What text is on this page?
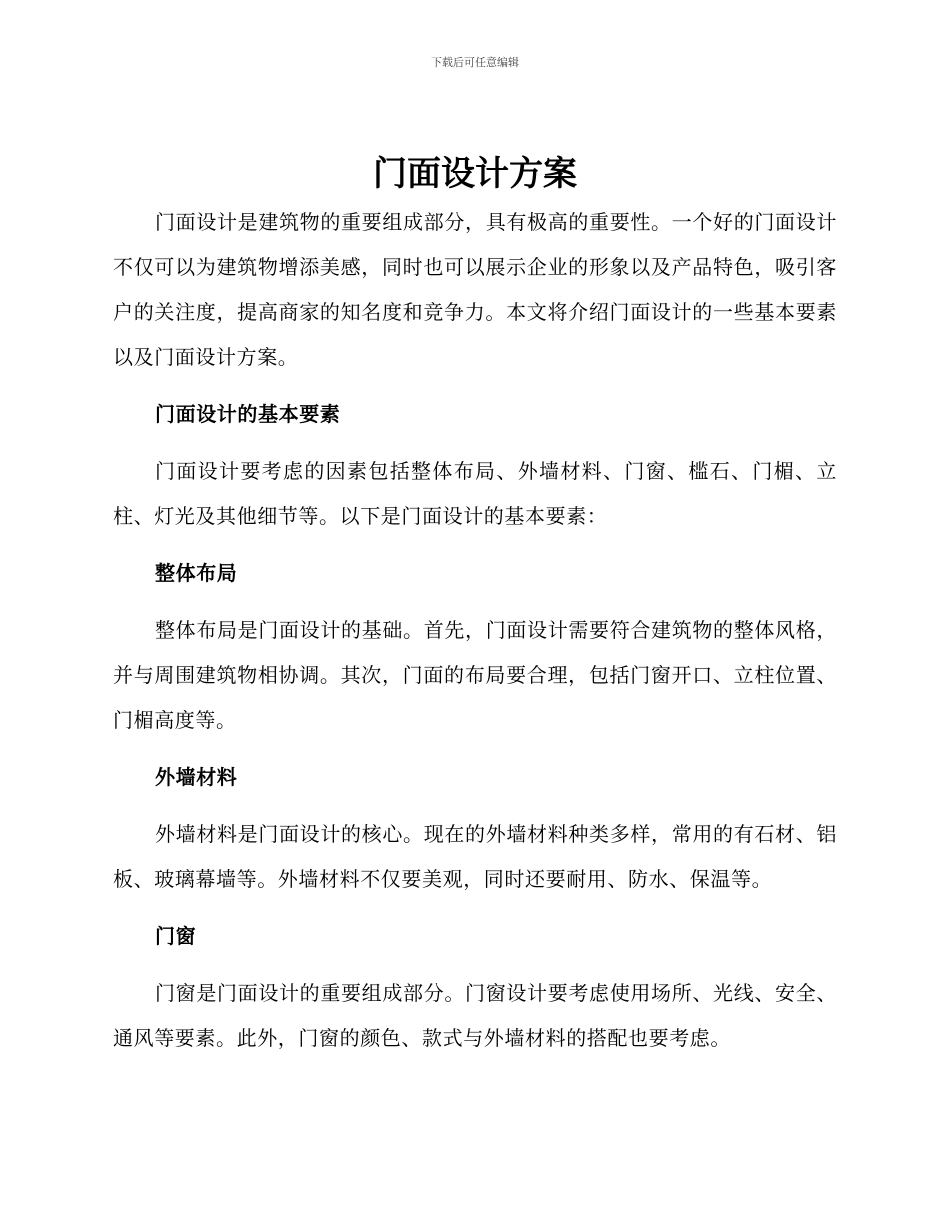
下载后可任意编辑
门面设计方案

门面设计是建筑物的重要组成部分，具有极高的重要性。一个好的门面设计不仅可以为建筑物增添美感，同时也可以展示企业的形象以及产品特色，吸引客户的关注度，提高商家的知名度和竞争力。本文将介绍门面设计的一些基本要素以及门面设计方案。

门面设计的基本要素

门面设计要考虑的因素包括整体布局、外墙材料、门窗、槛石、门楣、立柱、灯光及其他细节等。以下是门面设计的基本要素：

整体布局

整体布局是门面设计的基础。首先，门面设计需要符合建筑物的整体风格，并与周围建筑物相协调。其次，门面的布局要合理，包括门窗开口、立柱位置、门楣高度等。

外墙材料

外墙材料是门面设计的核心。现在的外墙材料种类多样，常用的有石材、铝板、玻璃幕墙等。外墙材料不仅要美观，同时还要耐用、防水、保温等。

门窗

门窗是门面设计的重要组成部分。门窗设计要考虑使用场所、光线、安全、通风等要素。此外，门窗的颜色、款式与外墙材料的搭配也要考虑。
